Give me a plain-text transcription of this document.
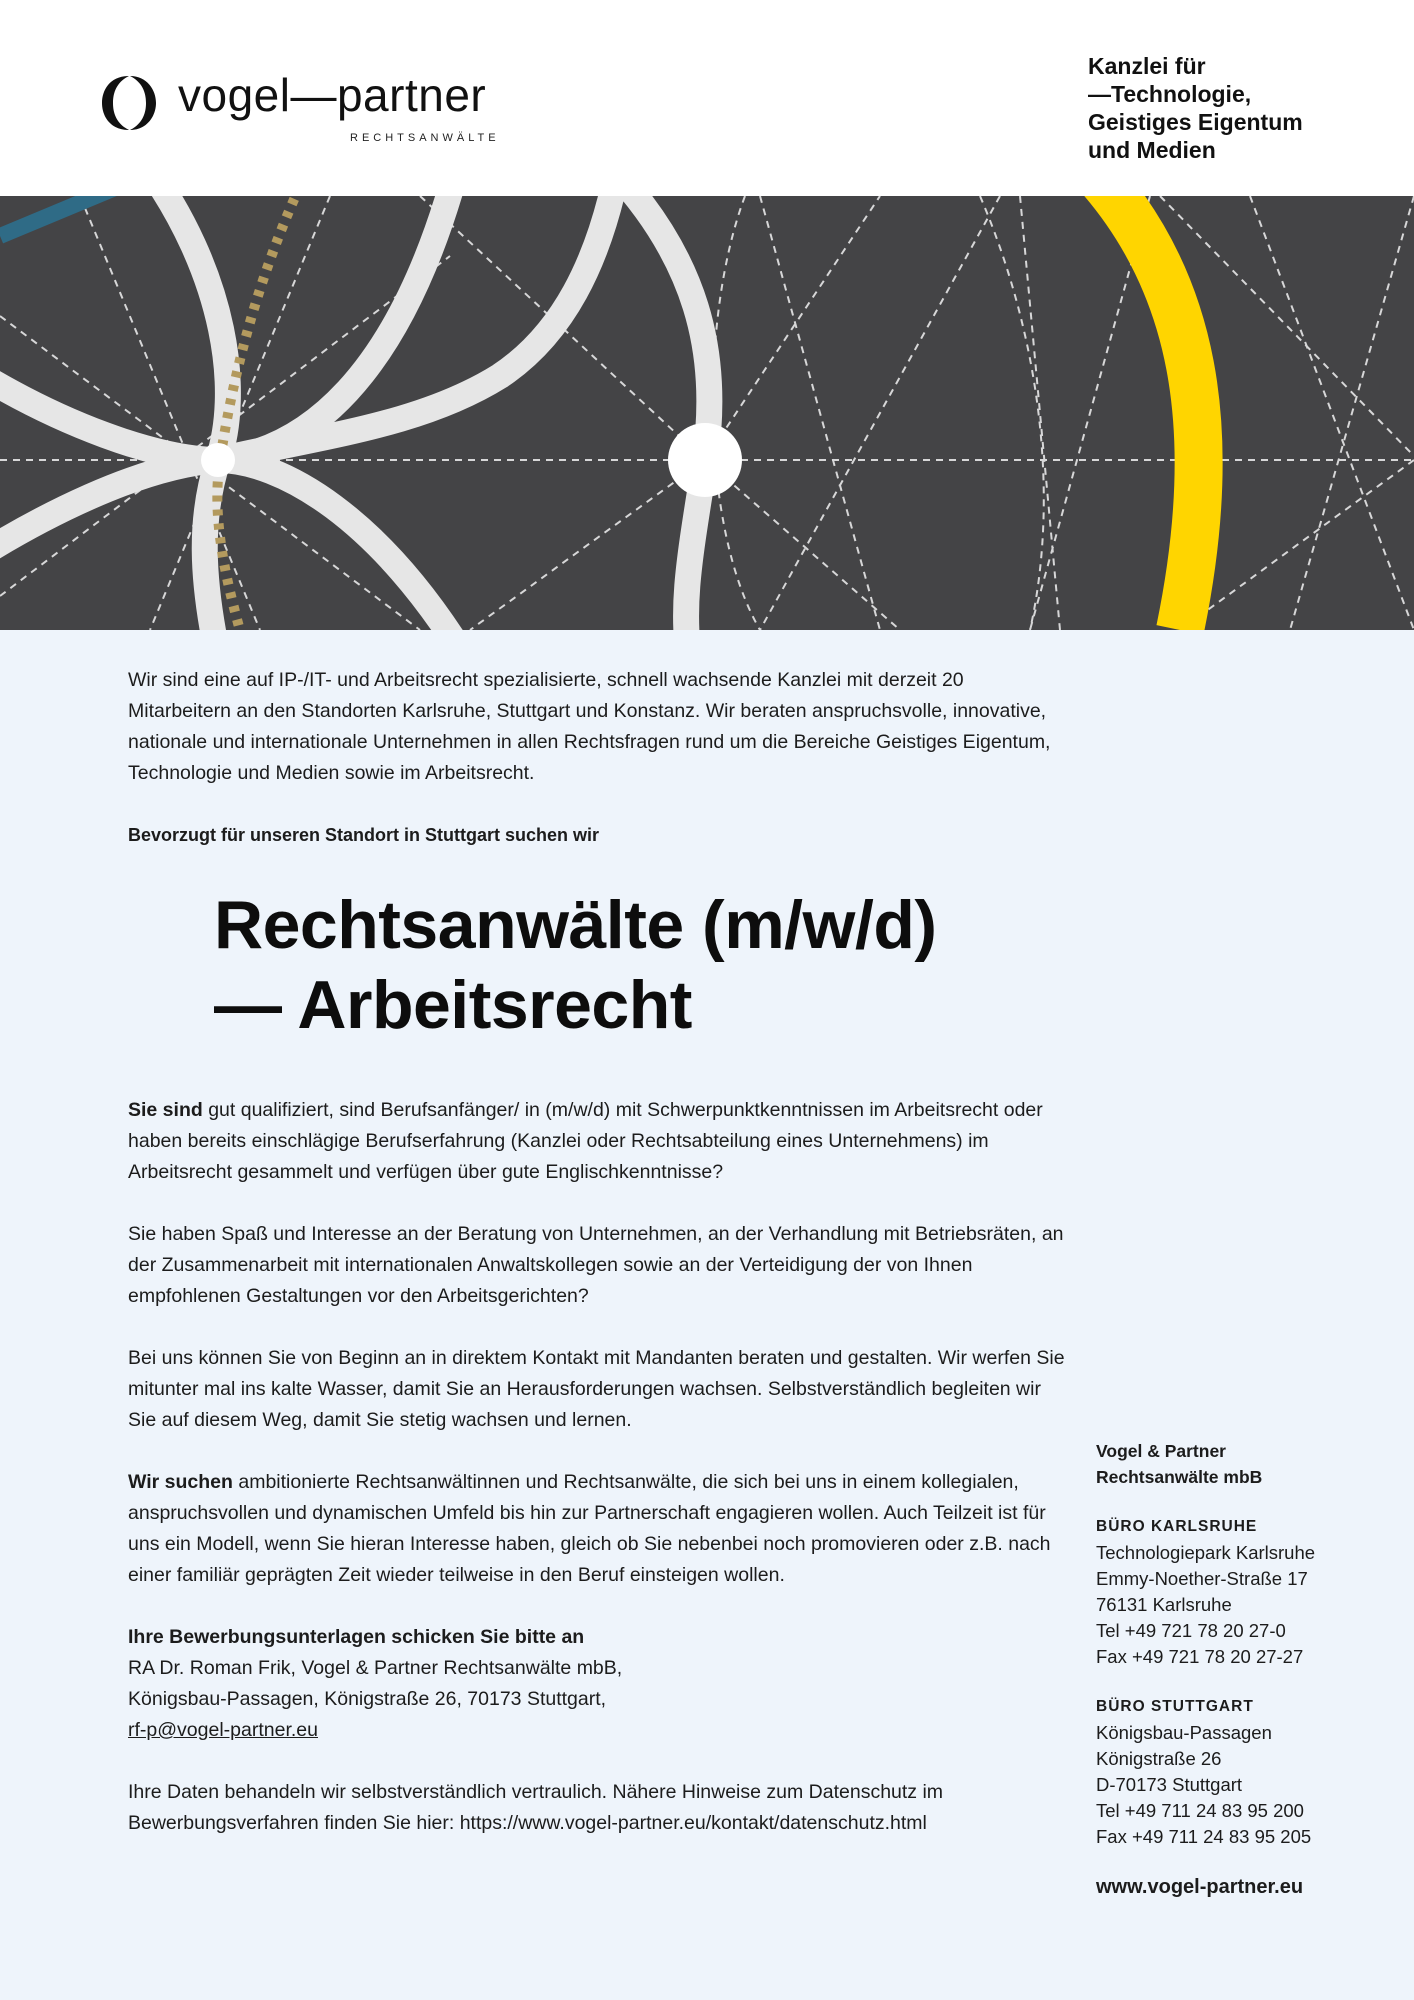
vogel—partner
RECHTSANWÄLTE
Kanzlei für
—Technologie,
Geistiges Eigentum
und Medien

Wir sind eine auf IP-/IT- und Arbeitsrecht spezialisierte, schnell wachsende Kanzlei mit derzeit 20 Mitarbeitern an den Standorten Karlsruhe, Stuttgart und Konstanz. Wir beraten anspruchsvolle, innovative, nationale und internationale Unternehmen in allen Rechtsfragen rund um die Bereiche Geistiges Eigentum, Technologie und Medien sowie im Arbeitsrecht.

Bevorzugt für unseren Standort in Stuttgart suchen wir

Rechtsanwälte (m/w/d)
— Arbeitsrecht

Sie sind gut qualifiziert, sind Berufsanfänger/ in (m/w/d) mit Schwerpunktkenntnissen im Arbeitsrecht oder haben bereits einschlägige Berufserfahrung (Kanzlei oder Rechtsabteilung eines Unternehmens) im Arbeitsrecht gesammelt und verfügen über gute Englischkenntnisse?

Sie haben Spaß und Interesse an der Beratung von Unternehmen, an der Verhandlung mit Betriebsräten, an der Zusammenarbeit mit internationalen Anwaltskollegen sowie an der Verteidigung der von Ihnen empfohlenen Gestaltungen vor den Arbeitsgerichten?

Bei uns können Sie von Beginn an in direktem Kontakt mit Mandanten beraten und gestalten. Wir werfen Sie mitunter mal ins kalte Wasser, damit Sie an Herausforderungen wachsen. Selbstverständlich begleiten wir Sie auf diesem Weg, damit Sie stetig wachsen und lernen.

Wir suchen ambitionierte Rechtsanwältinnen und Rechtsanwälte, die sich bei uns in einem kollegialen, anspruchsvollen und dynamischen Umfeld bis hin zur Partnerschaft engagieren wollen. Auch Teilzeit ist für uns ein Modell, wenn Sie hieran Interesse haben, gleich ob Sie nebenbei noch promovieren oder z.B. nach einer familiär geprägten Zeit wieder teilweise in den Beruf einsteigen wollen.

Ihre Bewerbungsunterlagen schicken Sie bitte an
RA Dr. Roman Frik, Vogel & Partner Rechtsanwälte mbB,
Königsbau-Passagen, Königstraße 26, 70173 Stuttgart,
rf-p@vogel-partner.eu

Ihre Daten behandeln wir selbstverständlich vertraulich. Nähere Hinweise zum Datenschutz im Bewerbungsverfahren finden Sie hier: https://www.vogel-partner.eu/kontakt/datenschutz.html

Vogel & Partner
Rechtsanwälte mbB
BÜRO KARLSRUHE
Technologiepark Karlsruhe
Emmy-Noether-Straße 17
76131 Karlsruhe
Tel +49 721 78 20 27-0
Fax +49 721 78 20 27-27
BÜRO STUTTGART
Königsbau-Passagen
Königstraße 26
D-70173 Stuttgart
Tel +49 711 24 83 95 200
Fax +49 711 24 83 95 205
www.vogel-partner.eu
